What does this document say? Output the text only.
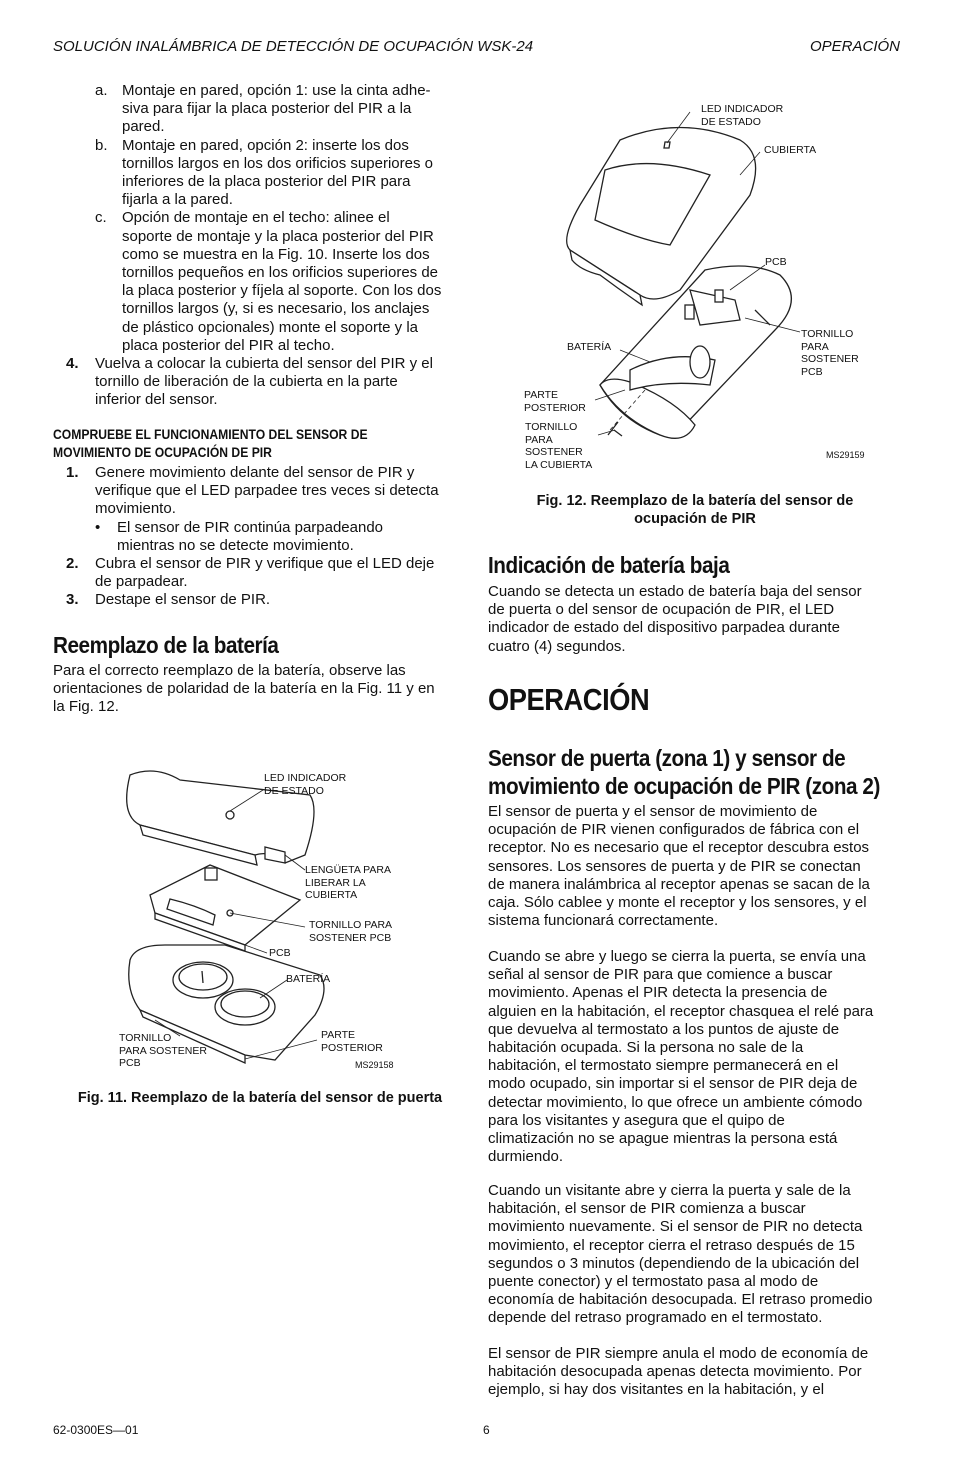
SOLUCIÓN INALÁMBRICA DE DETECCIÓN DE OCUPACIÓN WSK-24	OPERACIÓN
a. Montaje en pared, opción 1: use la cinta adhe-
siva para fijar la placa posterior del PIR a la
pared.
b. Montaje en pared, opción 2: inserte los dos
tornillos largos en los dos orificios superiores o
inferiores de la placa posterior del PIR para
fijarla a la pared.
c. Opción de montaje en el techo: alinee el
soporte de montaje y la placa posterior del PIR
como se muestra en la Fig. 10. Inserte los dos
tornillos pequeños en los orificios superiores de
la placa posterior y fíjela al soporte. Con los dos
tornillos largos (y, si es necesario, los anclajes
de plástico opcionales) monte el soporte y la
placa posterior del PIR al techo.
4. Vuelva a colocar la cubierta del sensor del PIR y el
tornillo de liberación de la cubierta en la parte
inferior del sensor.
COMPRUEBE EL FUNCIONAMIENTO DEL SENSOR DE
MOVIMIENTO DE OCUPACIÓN DE PIR
1. Genere movimiento delante del sensor de PIR y
verifique que el LED parpadee tres veces si detecta
movimiento.
• El sensor de PIR continúa parpadeando
mientras no se detecte movimiento.
2. Cubra el sensor de PIR y verifique que el LED deje
de parpadear.
3. Destape el sensor de PIR.
Reemplazo de la batería
Para el correcto reemplazo de la batería, observe las
orientaciones de polaridad de la batería en la Fig. 11 y en
la Fig. 12.
LED INDICADOR
DE ESTADO
LENGÜETA PARA
LIBERAR LA
CUBIERTA
TORNILLO PARA
SOSTENER PCB
PCB
BATERÍA
TORNILLO
PARA SOSTENER
PCB
PARTE
POSTERIOR
MS29158
Fig. 11. Reemplazo de la batería del sensor de puerta
LED INDICADOR
DE ESTADO
CUBIERTA
PCB
BATERÍA
TORNILLO
PARA
SOSTENER
PCB
PARTE
POSTERIOR
TORNILLO
PARA
SOSTENER
LA CUBIERTA
MS29159
Fig. 12. Reemplazo de la batería del sensor de
ocupación de PIR
Indicación de batería baja
Cuando se detecta un estado de batería baja del sensor
de puerta o del sensor de ocupación de PIR, el LED
indicador de estado del dispositivo parpadea durante
cuatro (4) segundos.
OPERACIÓN
Sensor de puerta (zona 1) y sensor de
movimiento de ocupación de PIR (zona 2)
El sensor de puerta y el sensor de movimiento de
ocupación de PIR vienen configurados de fábrica con el
receptor. No es necesario que el receptor descubra estos
sensores. Los sensores de puerta y de PIR se conectan
de manera inalámbrica al receptor apenas se sacan de la
caja. Sólo cablee y monte el receptor y los sensores, y el
sistema funcionará correctamente.
Cuando se abre y luego se cierra la puerta, se envía una
señal al sensor de PIR para que comience a buscar
movimiento. Apenas el PIR detecta la presencia de
alguien en la habitación, el receptor chasquea el relé para
que devuelva al termostato a los puntos de ajuste de
habitación ocupada. Si la persona no sale de la
habitación, el termostato siempre permanecerá en el
modo ocupado, sin importar si el sensor de PIR deja de
detectar movimiento, lo que ofrece un ambiente cómodo
para los visitantes y asegura que el quipo de
climatización no se apague mientras la persona está
durmiendo.
Cuando un visitante abre y cierra la puerta y sale de la
habitación, el sensor de PIR comienza a buscar
movimiento nuevamente. Si el sensor de PIR no detecta
movimiento, el receptor cierra el retraso después de 15
segundos o 3 minutos (dependiendo de la ubicación del
puente conector) y el termostato pasa al modo de
economía de habitación desocupada. El retraso promedio
depende del retraso programado en el termostato.
El sensor de PIR siempre anula el modo de economía de
habitación desocupada apenas detecta movimiento. Por
ejemplo, si hay dos visitantes en la habitación, y el
62-0300ES—01	6
